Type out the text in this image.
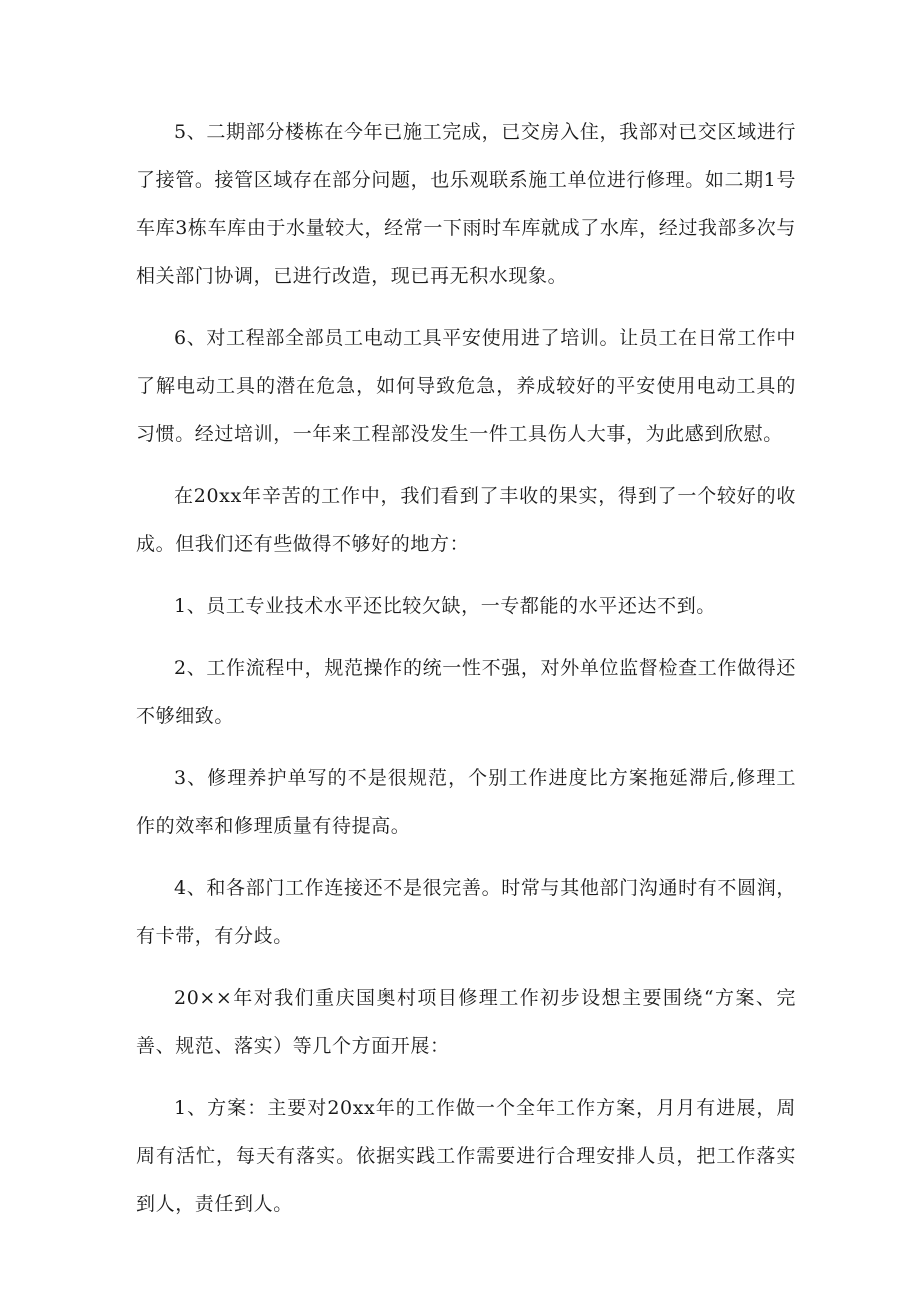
5、二期部分楼栋在今年已施工完成，已交房入住，我部对已交区域进行了接管。接管区域存在部分问题，也乐观联系施工单位进行修理。如二期1号车库3栋车库由于水量较大，经常一下雨时车库就成了水库，经过我部多次与相关部门协调，已进行改造，现已再无积水现象。

6、对工程部全部员工电动工具平安使用进了培训。让员工在日常工作中了解电动工具的潜在危急，如何导致危急，养成较好的平安使用电动工具的习惯。经过培训，一年来工程部没发生一件工具伤人大事，为此感到欣慰。

在20xx年辛苦的工作中，我们看到了丰收的果实，得到了一个较好的收成。但我们还有些做得不够好的地方：

1、员工专业技术水平还比较欠缺，一专都能的水平还达不到。

2、工作流程中，规范操作的统一性不强，对外单位监督检查工作做得还不够细致。

3、修理养护单写的不是很规范，个别工作进度比方案拖延滞后,修理工作的效率和修理质量有待提高。

4、和各部门工作连接还不是很完善。时常与其他部门沟通时有不圆润，有卡带，有分歧。

20××年对我们重庆国奥村项目修理工作初步设想主要围绕“方案、完善、规范、落实）等几个方面开展：

1、方案：主要对20xx年的工作做一个全年工作方案，月月有进展，周周有活忙，每天有落实。依据实践工作需要进行合理安排人员，把工作落实到人，责任到人。
